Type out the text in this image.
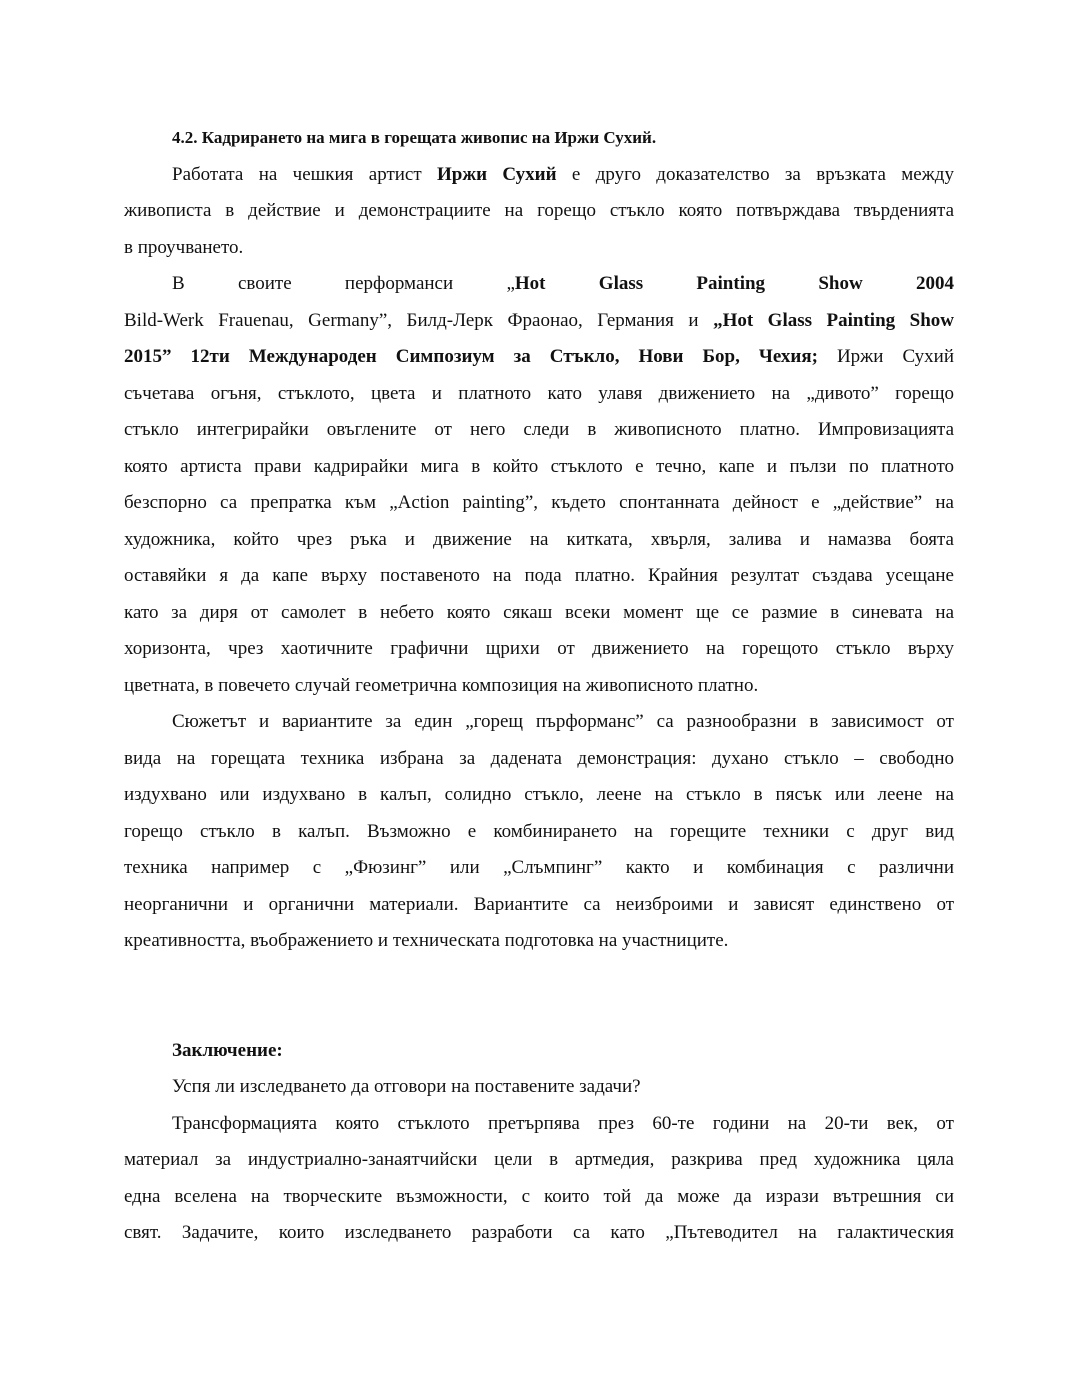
4.2. Кадрирането на мига в горещата живопис на Иржи Сухий.
Работата на чешкия артист Иржи Сухий е друго доказателство за връзката между
живописта в действие и демонстрациите на горещо стъкло която потвърждава твърденията
в проучването.
В своите перформанси „Hot Glass Painting Show 2004
Bild-Werk Frauenau, Germany”, Билд-Лерк Фраонао, Германия и „Hot Glass Painting Show
2015” 12ти Международен Симпозиум за Стъкло, Нови Бор, Чехия; Иржи Сухий
съчетава огъня, стъклото, цвета и платното като улавя движението на „дивото” горещо
стъкло интегрирайки овъглените от него следи в живописното платно. Импровизацията
която артиста прави кадрирайки мига в който стъклото е течно, капе и пълзи по платното
безспорно са препратка към „Action painting”, където спонтанната дейност е „действие” на
художника, който чрез ръка и движение на китката, хвърля, залива и намазва боята
оставяйки я да капе върху поставеното на пода платно. Крайния резултат създава усещане
като за диря от самолет в небето която сякаш всеки момент ще се размие в синевата на
хоризонта, чрез хаотичните графични щрихи от движението на горещото стъкло върху
цветната, в повечето случай геометрична композиция на живописното платно.
Сюжетът и вариантите за един „горещ пърформанс” са разнообразни в зависимост от
вида на горещата техника избрана за дадената демонстрация: духано стъкло – свободно
издухвано или издухвано в калъп, солидно стъкло, леене на стъкло в пясък или леене на
горещо стъкло в калъп. Възможно е комбинирането на горещите техники с друг вид
техника например с „Фюзинг” или „Слъмпинг” както и комбинация с различни
неорганични и органични материали. Вариантите са неизброими и зависят единствено от
креативността, въображението и техническата подготовка на участниците.
Заключение:
Успя ли изследването да отговори на поставените задачи?
Трансформацията която стъклото претърпява през 60-те години на 20-ти век, от
материал за индустриално-занаятчийски цели в артмедия, разкрива пред художника цяла
една вселена на творческите възможности, с които той да може да изрази вътрешния си
свят. Задачите, които изследването разработи са като „Пътеводител на галактическия
